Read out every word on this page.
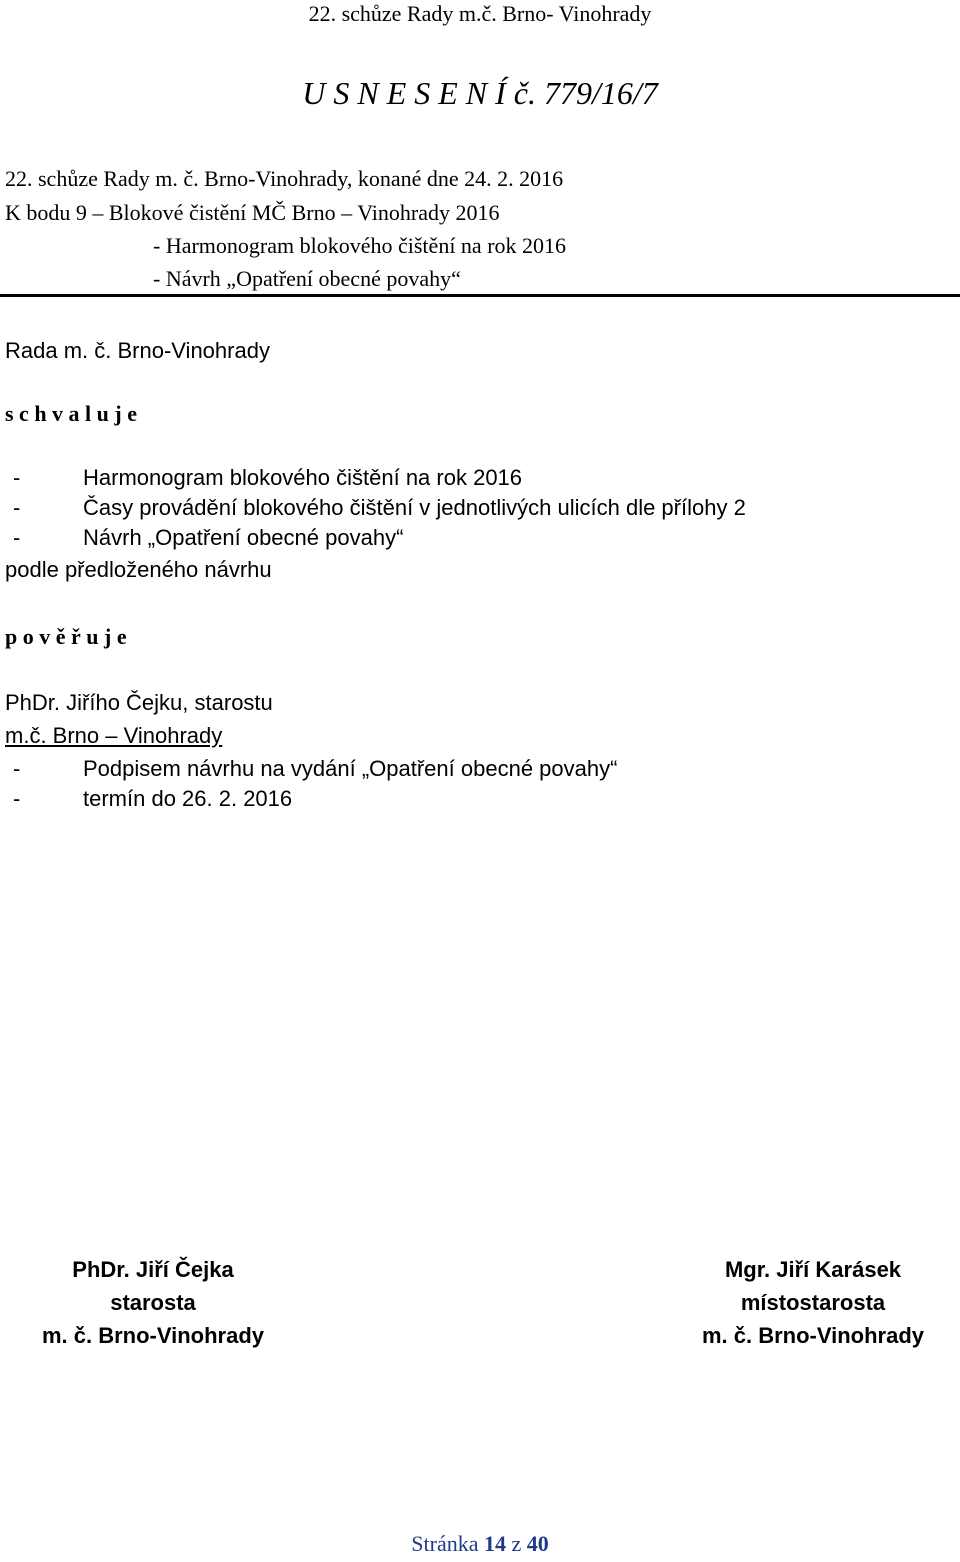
22. schůze Rady m.č. Brno- Vinohrady
U S N E S E N Í č. 779/16/7
22. schůze Rady m. č. Brno-Vinohrady, konané dne 24. 2. 2016
K bodu 9 – Blokové čistění MČ Brno – Vinohrady 2016
- Harmonogram blokového čištění na rok 2016
- Návrh „Opatření obecné povahy“
Rada m. č. Brno-Vinohrady
s c h v a l u j e
-	Harmonogram blokového čištění na rok 2016
-	Časy provádění blokového čištění v jednotlivých ulicích dle přílohy 2
-	Návrh „Opatření obecné povahy“
podle předloženého návrhu
p o v ě ř u j e
PhDr. Jiřího Čejku, starostu
m.č. Brno – Vinohrady
-	Podpisem návrhu na vydání „Opatření obecné povahy“
-	termín do 26. 2. 2016
PhDr. Jiří Čejka
starosta
m. č. Brno-Vinohrady
Mgr. Jiří Karásek
místostarosta
m. č. Brno-Vinohrady
Stránka 14 z 40
